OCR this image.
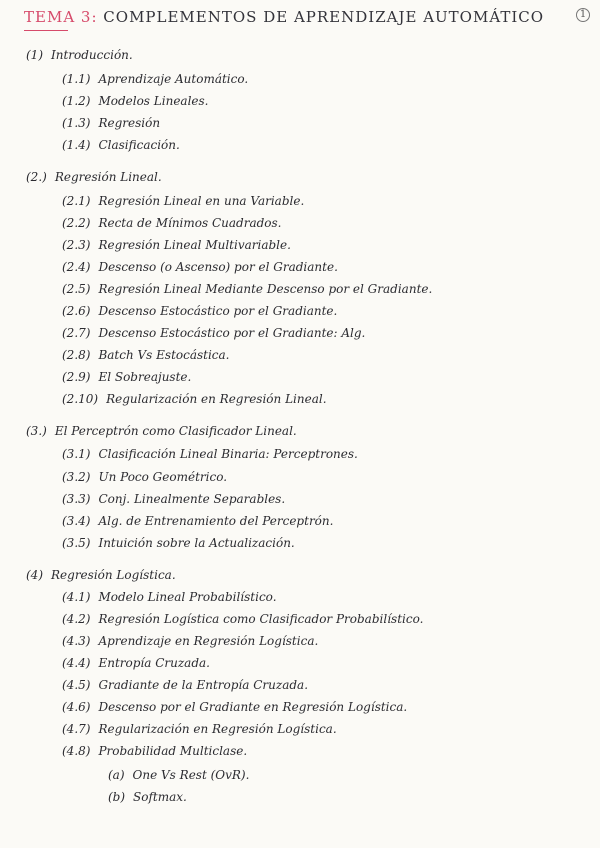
TEMA 3: COMPLEMENTOS DE APRENDIZAJE AUTOMÁTICO	1
(1) Introducción.
(1.1) Aprendizaje Automático.
(1.2) Modelos Lineales.
(1.3) Regresión
(1.4) Clasificación.
(2.) Regresión Lineal.
(2.1) Regresión Lineal en una Variable.
(2.2) Recta de Mínimos Cuadrados.
(2.3) Regresión Lineal Multivariable.
(2.4) Descenso (o Ascenso) por el Gradiante.
(2.5) Regresión Lineal Mediante Descenso por el Gradiante.
(2.6) Descenso Estocástico por el Gradiante.
(2.7) Descenso Estocástico por el Gradiante: Alg.
(2.8) Batch Vs Estocástica.
(2.9) El Sobreajuste.
(2.10) Regularización en Regresión Lineal.
(3.) El Perceptrón como Clasificador Lineal.
(3.1) Clasificación Lineal Binaria: Perceptrones.
(3.2) Un Poco Geométrico.
(3.3) Conj. Linealmente Separables.
(3.4) Alg. de Entrenamiento del Perceptrón.
(3.5) Intuición sobre la Actualización.
(4) Regresión Logística.
(4.1) Modelo Lineal Probabilístico.
(4.2) Regresión Logística como Clasificador Probabilístico.
(4.3) Aprendizaje en Regresión Logística.
(4.4) Entropía Cruzada.
(4.5) Gradiante de la Entropía Cruzada.
(4.6) Descenso por el Gradiante en Regresión Logística.
(4.7) Regularización en Regresión Logística.
(4.8) Probabilidad Multiclase.
(a) One Vs Rest (OvR).
(b) Softmax.
